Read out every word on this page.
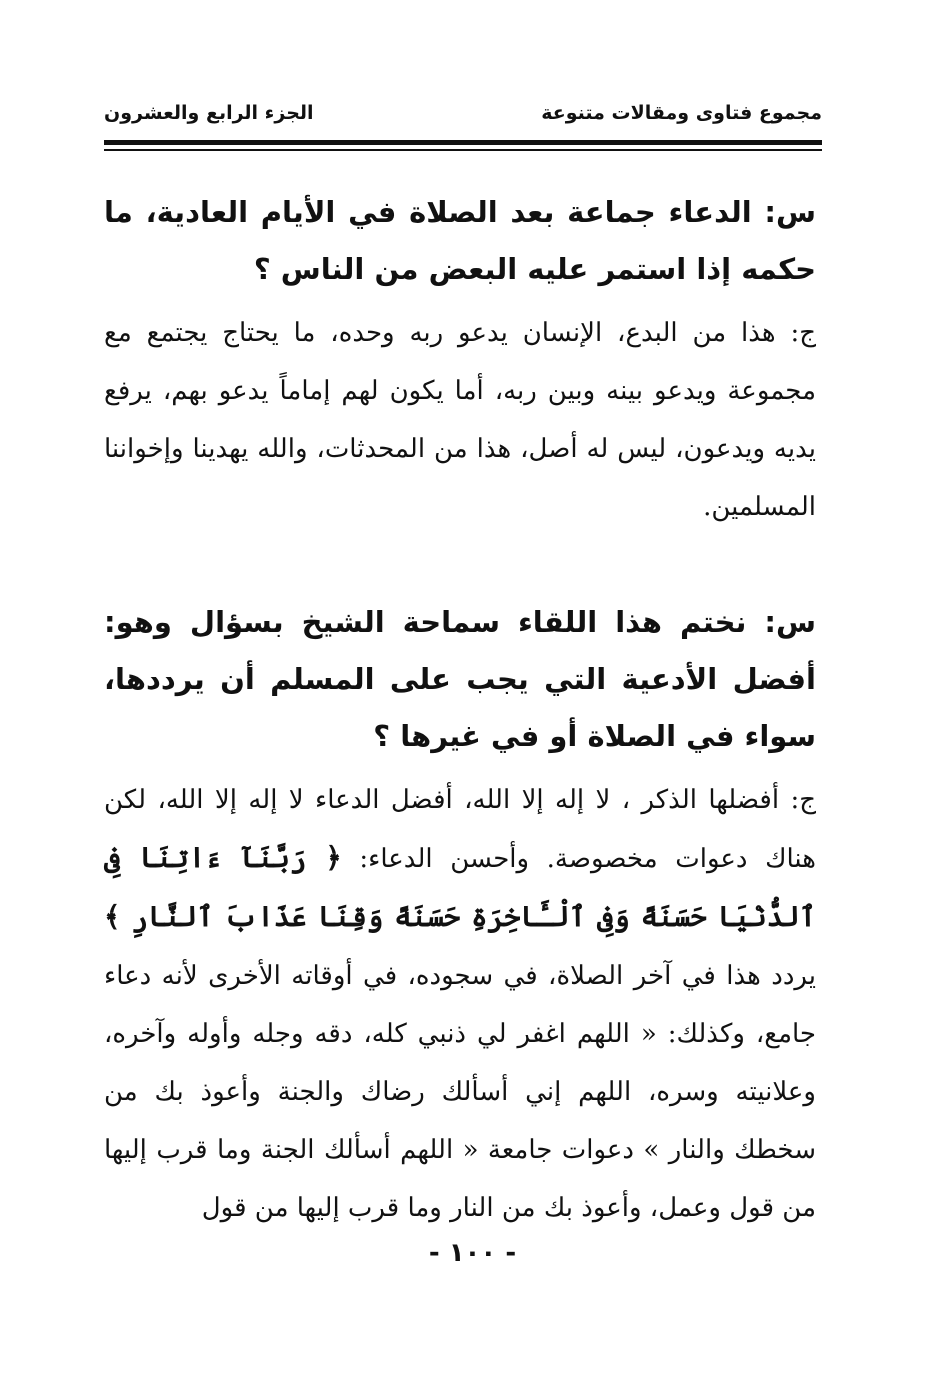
مجموع فتاوى ومقالات متنوعة
الجزء الرابع والعشرون

س: الدعاء جماعة بعد الصلاة في الأيام العادية، ما حكمه إذا استمر عليه البعض من الناس ؟

ج: هذا من البدع، الإنسان يدعو ربه وحده، ما يحتاج يجتمع مع مجموعة ويدعو بينه وبين ربه، أما يكون لهم إماماً يدعو بهم، يرفع يديه ويدعون، ليس له أصل، هذا من المحدثات، والله يهدينا وإخواننا المسلمين.

س: نختم هذا اللقاء سماحة الشيخ بسؤال وهو: أفضل الأدعية التي يجب على المسلم أن يرددها، سواء في الصلاة أو في غيرها ؟

ج: أفضلها الذكر ، لا إله إلا الله، أفضل الدعاء لا إله إلا الله، لكن هناك دعوات مخصوصة. وأحسن الدعاء: ﴿ رَبَّنَآ ءَاتِنَا فِى ٱلدُّنْيَا حَسَنَةً وَفِى ٱلْـَٔاخِرَةِ حَسَنَةً وَقِنَا عَذَابَ ٱلنَّارِ ﴾ يردد هذا في آخر الصلاة، في سجوده، في أوقاته الأخرى لأنه دعاء جامع، وكذلك: « اللهم اغفر لي ذنبي كله، دقه وجله وأوله وآخره، وعلانيته وسره، اللهم إني أسألك رضاك والجنة وأعوذ بك من سخطك والنار » دعوات جامعة « اللهم أسألك الجنة وما قرب إليها من قول وعمل، وأعوذ بك من النار وما قرب إليها من قول

- ١٠٠ -
